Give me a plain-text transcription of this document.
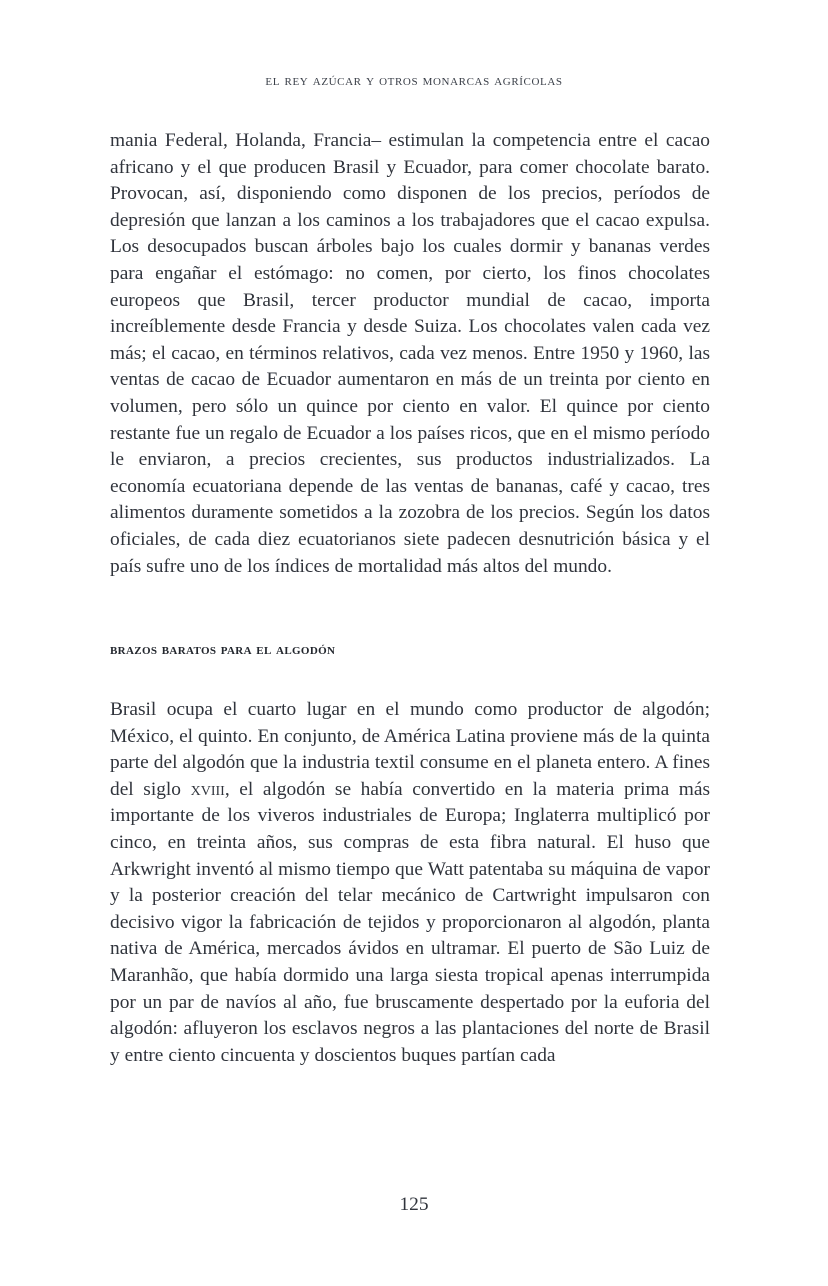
el rey azúcar y otros monarcas agrícolas

mania Federal, Holanda, Francia– estimulan la competencia entre el cacao africano y el que producen Brasil y Ecuador, para comer chocolate barato. Provocan, así, disponiendo como disponen de los precios, períodos de depresión que lanzan a los caminos a los trabajadores que el cacao expulsa. Los desocupados buscan árboles bajo los cuales dormir y bananas verdes para engañar el estómago: no comen, por cierto, los finos chocolates europeos que Brasil, tercer productor mundial de cacao, importa increíblemente desde Francia y desde Suiza. Los chocolates valen cada vez más; el cacao, en términos relativos, cada vez menos. Entre 1950 y 1960, las ventas de cacao de Ecuador aumentaron en más de un treinta por ciento en volumen, pero sólo un quince por ciento en valor. El quince por ciento restante fue un regalo de Ecuador a los países ricos, que en el mismo período le enviaron, a precios crecientes, sus productos industrializados. La economía ecuatoriana depende de las ventas de bananas, café y cacao, tres alimentos duramente sometidos a la zozobra de los precios. Según los datos oficiales, de cada diez ecuatorianos siete padecen desnutrición básica y el país sufre uno de los índices de mortalidad más altos del mundo.

brazos baratos para el algodón

Brasil ocupa el cuarto lugar en el mundo como productor de algodón; México, el quinto. En conjunto, de América Latina proviene más de la quinta parte del algodón que la industria textil consume en el planeta entero. A fines del siglo xviii, el algodón se había convertido en la materia prima más importante de los viveros industriales de Europa; Inglaterra multiplicó por cinco, en treinta años, sus compras de esta fibra natural. El huso que Arkwright inventó al mismo tiempo que Watt patentaba su máquina de vapor y la posterior creación del telar mecánico de Cartwright impulsaron con decisivo vigor la fabricación de tejidos y proporcionaron al algodón, planta nativa de América, mercados ávidos en ultramar. El puerto de São Luiz de Maranhão, que había dormido una larga siesta tropical apenas interrumpida por un par de navíos al año, fue bruscamente despertado por la euforia del algodón: afluyeron los esclavos negros a las plantaciones del norte de Brasil y entre ciento cincuenta y doscientos buques partían cada

125
